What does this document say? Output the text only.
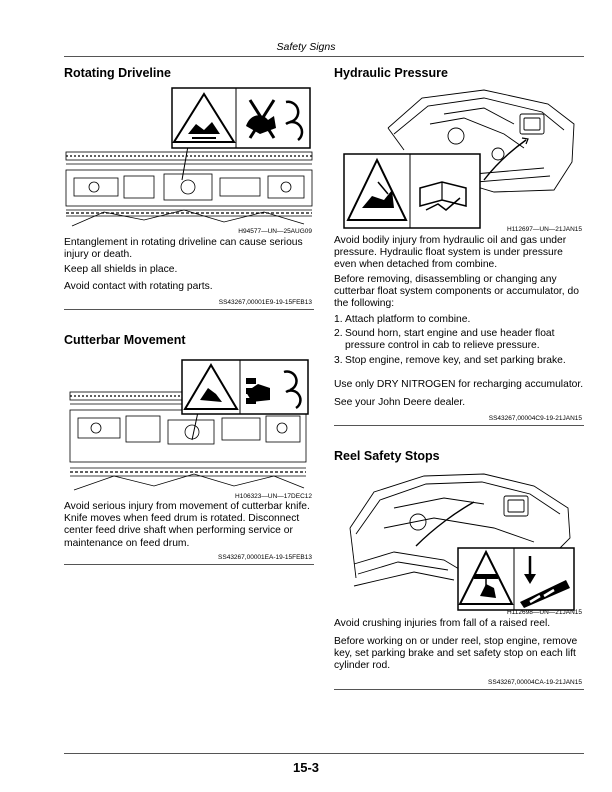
Safety Signs
Rotating Driveline
H94577—UN—25AUG09
Entanglement in rotating driveline can cause serious injury or death.
Keep all shields in place.
Avoid contact with rotating parts.
SS43267,00001E9-19-15FEB13
Cutterbar Movement
H106323—UN—17DEC12
Avoid serious injury from movement of cutterbar knife. Knife moves when feed drum is rotated. Disconnect center feed drive shaft when performing service or maintenance on feed drum.
SS43267,00001EA-19-15FEB13
Hydraulic Pressure
H112697—UN—21JAN15
Avoid bodily injury from hydraulic oil and gas under pressure. Hydraulic float system is under pressure even when detached from combine.
Before removing, disassembling or changing any cutterbar float system components or accumulator, do the following:
1. Attach platform to combine.
2. Sound horn, start engine and use header float pressure control in cab to relieve pressure.
3. Stop engine, remove key, and set parking brake.
Use only DRY NITROGEN for recharging accumulator.
See your John Deere dealer.
SS43267,00004C9-19-21JAN15
Reel Safety Stops
H112698—UN—21JAN15
Avoid crushing injuries from fall of a raised reel.
Before working on or under reel, stop engine, remove key, set parking brake and set safety stop on each lift cylinder rod.
SS43267,00004CA-19-21JAN15
15-3
